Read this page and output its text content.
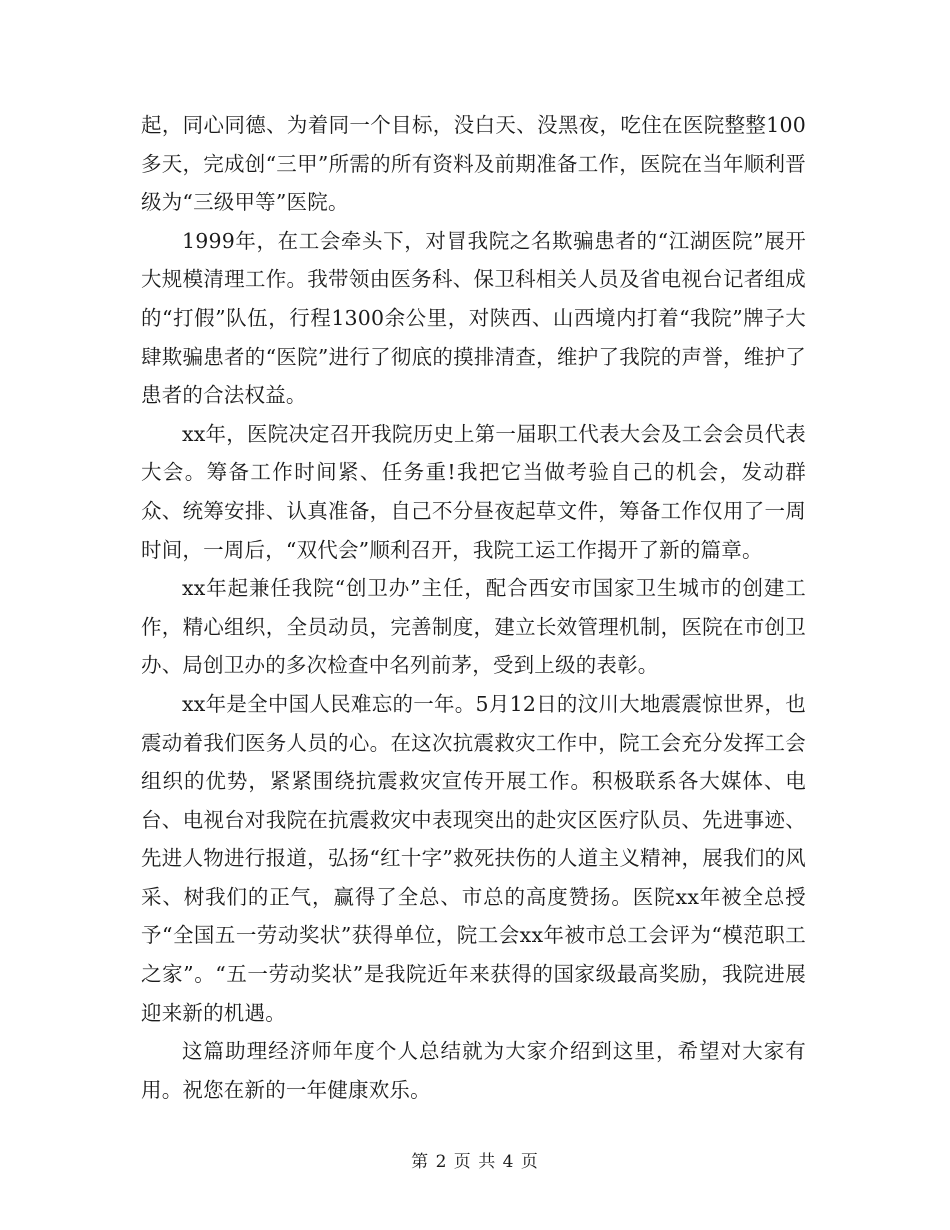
起，同心同德、为着同一个目标，没白天、没黑夜，吃住在医院整整100多天，完成创“三甲”所需的所有资料及前期准备工作，医院在当年顺利晋级为“三级甲等”医院。

1999年，在工会牵头下，对冒我院之名欺骗患者的“江湖医院”展开大规模清理工作。我带领由医务科、保卫科相关人员及省电视台记者组成的“打假”队伍，行程1300余公里，对陕西、山西境内打着“我院”牌子大肆欺骗患者的“医院”进行了彻底的摸排清查，维护了我院的声誉，维护了患者的合法权益。

xx年，医院决定召开我院历史上第一届职工代表大会及工会会员代表大会。筹备工作时间紧、任务重!我把它当做考验自己的机会，发动群众、统筹安排、认真准备，自己不分昼夜起草文件，筹备工作仅用了一周时间，一周后，“双代会”顺利召开，我院工运工作揭开了新的篇章。

xx年起兼任我院“创卫办”主任，配合西安市国家卫生城市的创建工作，精心组织，全员动员，完善制度，建立长效管理机制，医院在市创卫办、局创卫办的多次检查中名列前茅，受到上级的表彰。

xx年是全中国人民难忘的一年。5月12日的汶川大地震震惊世界，也震动着我们医务人员的心。在这次抗震救灾工作中，院工会充分发挥工会组织的优势，紧紧围绕抗震救灾宣传开展工作。积极联系各大媒体、电台、电视台对我院在抗震救灾中表现突出的赴灾区医疗队员、先进事迹、先进人物进行报道，弘扬“红十字”救死扶伤的人道主义精神，展我们的风采、树我们的正气，赢得了全总、市总的高度赞扬。医院xx年被全总授予“全国五一劳动奖状”获得单位，院工会xx年被市总工会评为“模范职工之家”。“五一劳动奖状”是我院近年来获得的国家级最高奖励，我院进展迎来新的机遇。

这篇助理经济师年度个人总结就为大家介绍到这里，希望对大家有用。祝您在新的一年健康欢乐。

第 2 页 共 4 页
